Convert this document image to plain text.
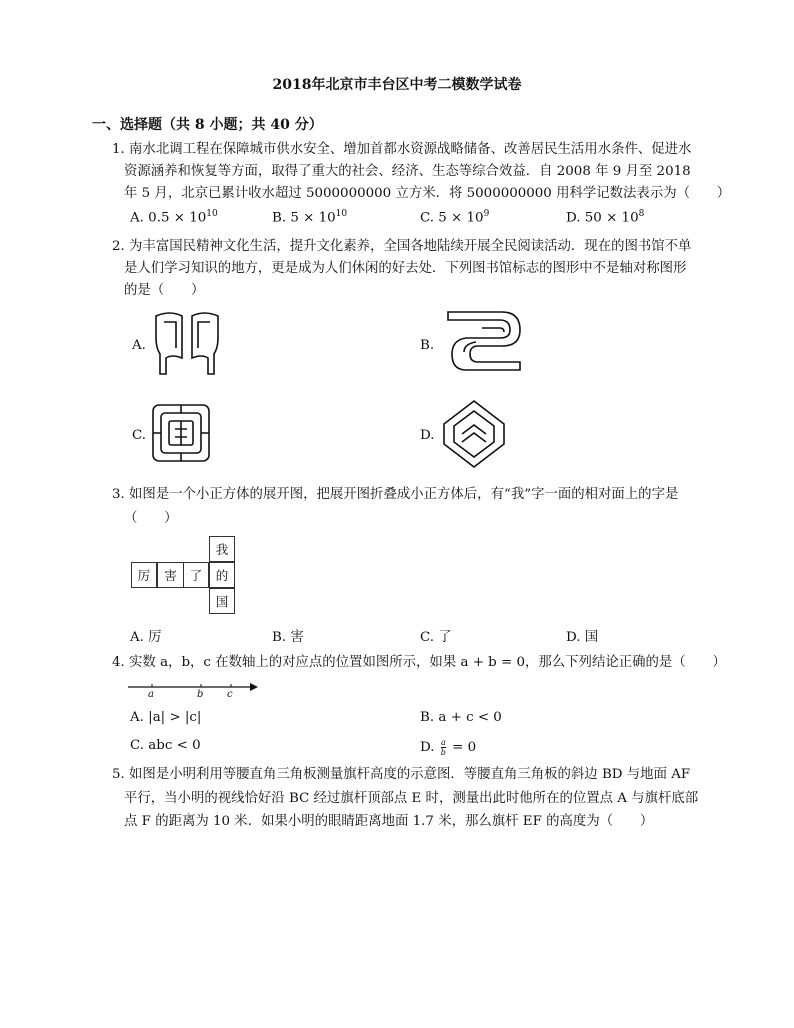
2018年北京市丰台区中考二模数学试卷
一、选择题（共 8 小题；共 40 分）
1. 南水北调工程在保障城市供水安全、增加首都水资源战略储备、改善居民生活用水条件、促进水
资源涵养和恢复等方面，取得了重大的社会、经济、生态等综合效益．自 2008 年 9 月至 2018
年 5 月，北京已累计收水超过 5000000000 立方米．将 5000000000 用科学记数法表示为（　　）
A. $0.5 \times 10^{10}$	B. $5 \times 10^{10}$	C. $5 \times 10^9$	D. $50 \times 10^8$
2. 为丰富国民精神文化生活，提升文化素养，全国各地陆续开展全民阅读活动．现在的图书馆不单
是人们学习知识的地方，更是成为人们休闲的好去处．下列图书馆标志的图形中不是轴对称图形
的是（　　）
A.	B.
C.	D.
3. 如图是一个小正方体的展开图，把展开图折叠成小正方体后，有“我”字一面的相对面上的字是
（　　）
我
厉	害	了	的
国
A. 厉	B. 害	C. 了	D. 国
4. 实数 a，b，c 在数轴上的对应点的位置如图所示，如果 a + b = 0，那么下列结论正确的是（　　）
a	b c
A. |a| > |c|	B. a + c < 0
C. abc < 0	D. $\frac{a}{b} = 0$
5. 如图是小明利用等腰直角三角板测量旗杆高度的示意图．等腰直角三角板的斜边 BD 与地面 AF
平行，当小明的视线恰好沿 BC 经过旗杆顶部点 E 时，测量出此时他所在的位置点 A 与旗杆底部
点 F 的距离为 10 米．如果小明的眼睛距离地面 1.7 米，那么旗杆 EF 的高度为（　　）
